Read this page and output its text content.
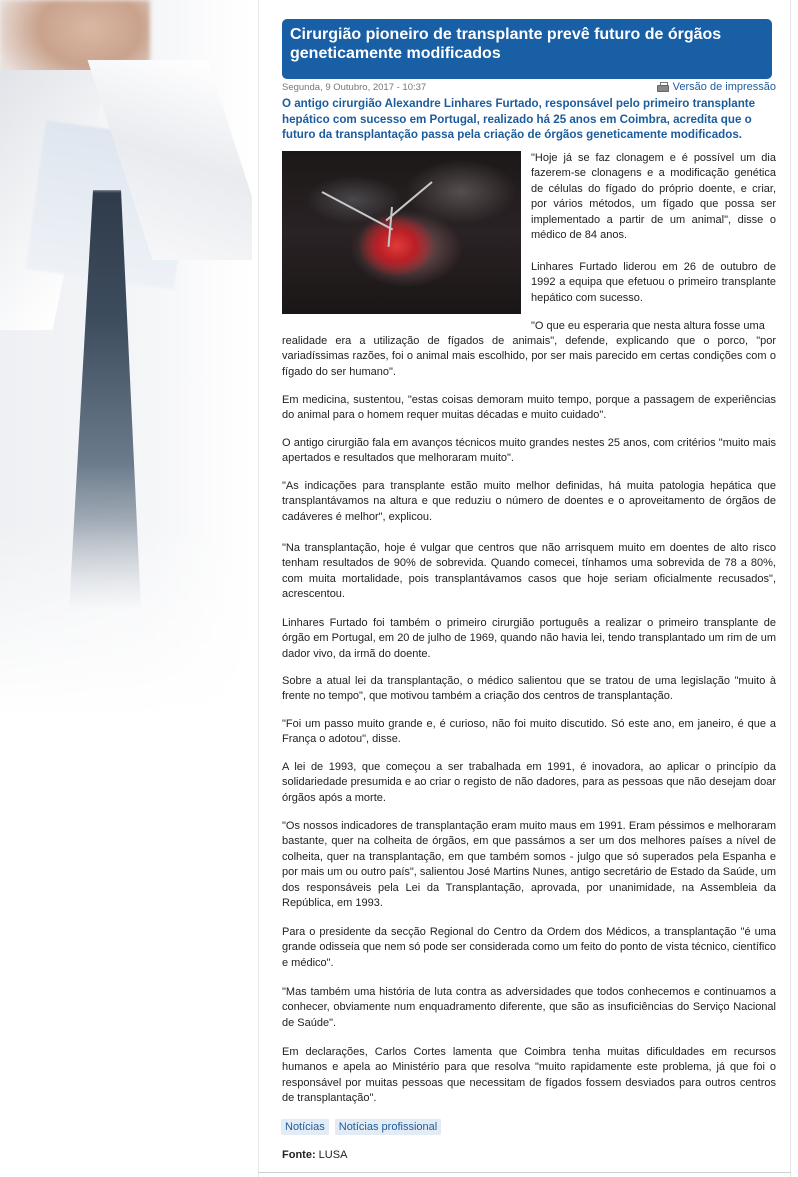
Cirurgião pioneiro de transplante prevê futuro de órgãos geneticamente modificados
Segunda, 9 Outubro, 2017 - 10:37	Versão de impressão

O antigo cirurgião Alexandre Linhares Furtado, responsável pelo primeiro transplante hepático com sucesso em Portugal, realizado há 25 anos em Coimbra, acredita que o futuro da transplantação passa pela criação de órgãos geneticamente modificados.

"Hoje já se faz clonagem e é possível um dia fazerem-se clonagens e a modificação genética de células do fígado do próprio doente, e criar, por vários métodos, um fígado que possa ser implementado a partir de um animal", disse o médico de 84 anos.

Linhares Furtado liderou em 26 de outubro de 1992 a equipa que efetuou o primeiro transplante hepático com sucesso.

"O que eu esperaria que nesta altura fosse uma

realidade era a utilização de fígados de animais", defende, explicando que o porco, "por variadíssimas razões, foi o animal mais escolhido, por ser mais parecido em certas condições com o fígado do ser humano".

Em medicina, sustentou, "estas coisas demoram muito tempo, porque a passagem de experiências do animal para o homem requer muitas décadas e muito cuidado".

O antigo cirurgião fala em avanços técnicos muito grandes nestes 25 anos, com critérios "muito mais apertados e resultados que melhoraram muito".

"As indicações para transplante estão muito melhor definidas, há muita patologia hepática que transplantávamos na altura e que reduziu o número de doentes e o aproveitamento de órgãos de cadáveres é melhor", explicou.

"Na transplantação, hoje é vulgar que centros que não arrisquem muito em doentes de alto risco tenham resultados de 90% de sobrevida. Quando comecei, tínhamos uma sobrevida de 78 a 80%, com muita mortalidade, pois transplantávamos casos que hoje seriam oficialmente recusados", acrescentou.

Linhares Furtado foi também o primeiro cirurgião português a realizar o primeiro transplante de órgão em Portugal, em 20 de julho de 1969, quando não havia lei, tendo transplantado um rim de um dador vivo, da irmã do doente.

Sobre a atual lei da transplantação, o médico salientou que se tratou de uma legislação "muito à frente no tempo", que motivou também a criação dos centros de transplantação.

"Foi um passo muito grande e, é curioso, não foi muito discutido. Só este ano, em janeiro, é que a França o adotou", disse.

A lei de 1993, que começou a ser trabalhada em 1991, é inovadora, ao aplicar o princípio da solidariedade presumida e ao criar o registo de não dadores, para as pessoas que não desejam doar órgãos após a morte.

"Os nossos indicadores de transplantação eram muito maus em 1991. Eram péssimos e melhoraram bastante, quer na colheita de órgãos, em que passámos a ser um dos melhores países a nível de colheita, quer na transplantação, em que também somos - julgo que só superados pela Espanha e por mais um ou outro país", salientou José Martins Nunes, antigo secretário de Estado da Saúde, um dos responsáveis pela Lei da Transplantação, aprovada, por unanimidade, na Assembleia da República, em 1993.

Para o presidente da secção Regional do Centro da Ordem dos Médicos, a transplantação "é uma grande odisseia que nem só pode ser considerada como um feito do ponto de vista técnico, científico e médico".

"Mas também uma história de luta contra as adversidades que todos conhecemos e continuamos a conhecer, obviamente num enquadramento diferente, que são as insuficiências do Serviço Nacional de Saúde".

Em declarações, Carlos Cortes lamenta que Coimbra tenha muitas dificuldades em recursos humanos e apela ao Ministério para que resolva "muito rapidamente este problema, já que foi o responsável por muitas pessoas que necessitam de fígados fossem desviados para outros centros de transplantação".

Notícias	Notícias profissional
Fonte: LUSA
